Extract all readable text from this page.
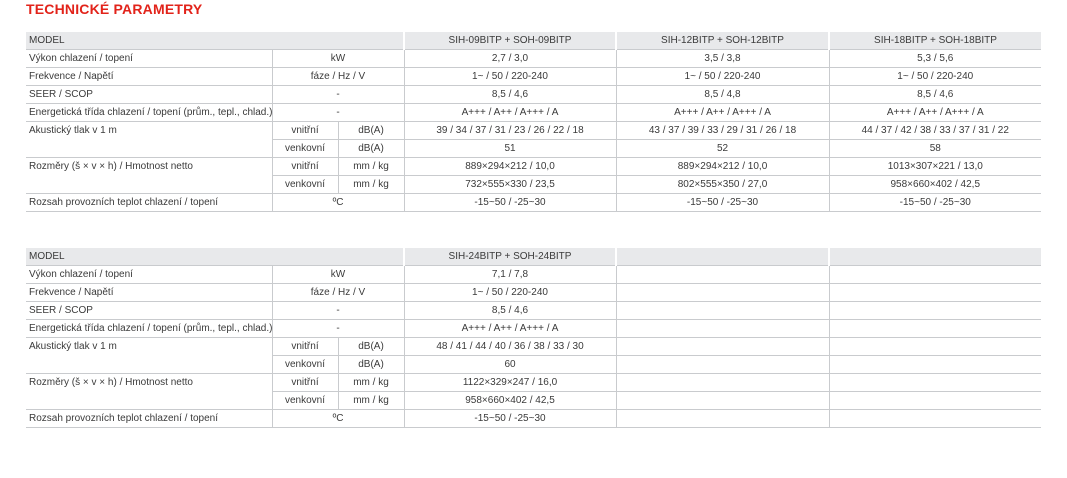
TECHNICKÉ PARAMETRY
MODEL			SIH-09BITP + SOH-09BITP	SIH-12BITP + SOH-12BITP	SIH-18BITP + SOH-18BITP
Výkon chlazení / topení	kW		2,7 / 3,0	3,5 / 3,8	5,3 / 5,6
Frekvence / Napětí	fáze / Hz / V		1~ / 50 / 220-240	1~ / 50 / 220-240	1~ / 50 / 220-240
SEER / SCOP	-		8,5 / 4,6	8,5 / 4,8	8,5 / 4,6
Energetická třída chlazení / topení (prům., tepl., chlad.)	-		A+++ / A++ / A+++ / A	A+++ / A++ / A+++ / A	A+++ / A++ / A+++ / A
Akustický tlak v 1 m	vnitřní	dB(A)	39 / 34 / 37 / 31 / 23 / 26 / 22 / 18	43 / 37 / 39 / 33 / 29 / 31 / 26 / 18	44 / 37 / 42 / 38 / 33 / 37 / 31 / 22
	venkovní	dB(A)	51	52	58
Rozměry (š × v × h) / Hmotnost netto	vnitřní	mm / kg	889×294×212 / 10,0	889×294×212 / 10,0	1013×307×221 / 13,0
	venkovní	mm / kg	732×555×330 / 23,5	802×555×350 / 27,0	958×660×402 / 42,5
Rozsah provozních teplot chlazení / topení	ºC		-15~50 / -25~30	-15~50 / -25~30	-15~50 / -25~30
MODEL			SIH-24BITP + SOH-24BITP		
Výkon chlazení / topení	kW		7,1 / 7,8		
Frekvence / Napětí	fáze / Hz / V		1~ / 50 / 220-240		
SEER / SCOP	-		8,5 / 4,6		
Energetická třída chlazení / topení (prům., tepl., chlad.)	-		A+++ / A++ / A+++ / A		
Akustický tlak v 1 m	vnitřní	dB(A)	48 / 41 / 44 / 40 / 36 / 38 / 33 / 30		
	venkovní	dB(A)	60		
Rozměry (š × v × h) / Hmotnost netto	vnitřní	mm / kg	1122×329×247 / 16,0		
	venkovní	mm / kg	958×660×402 / 42,5		
Rozsah provozních teplot chlazení / topení	ºC		-15~50 / -25~30		
